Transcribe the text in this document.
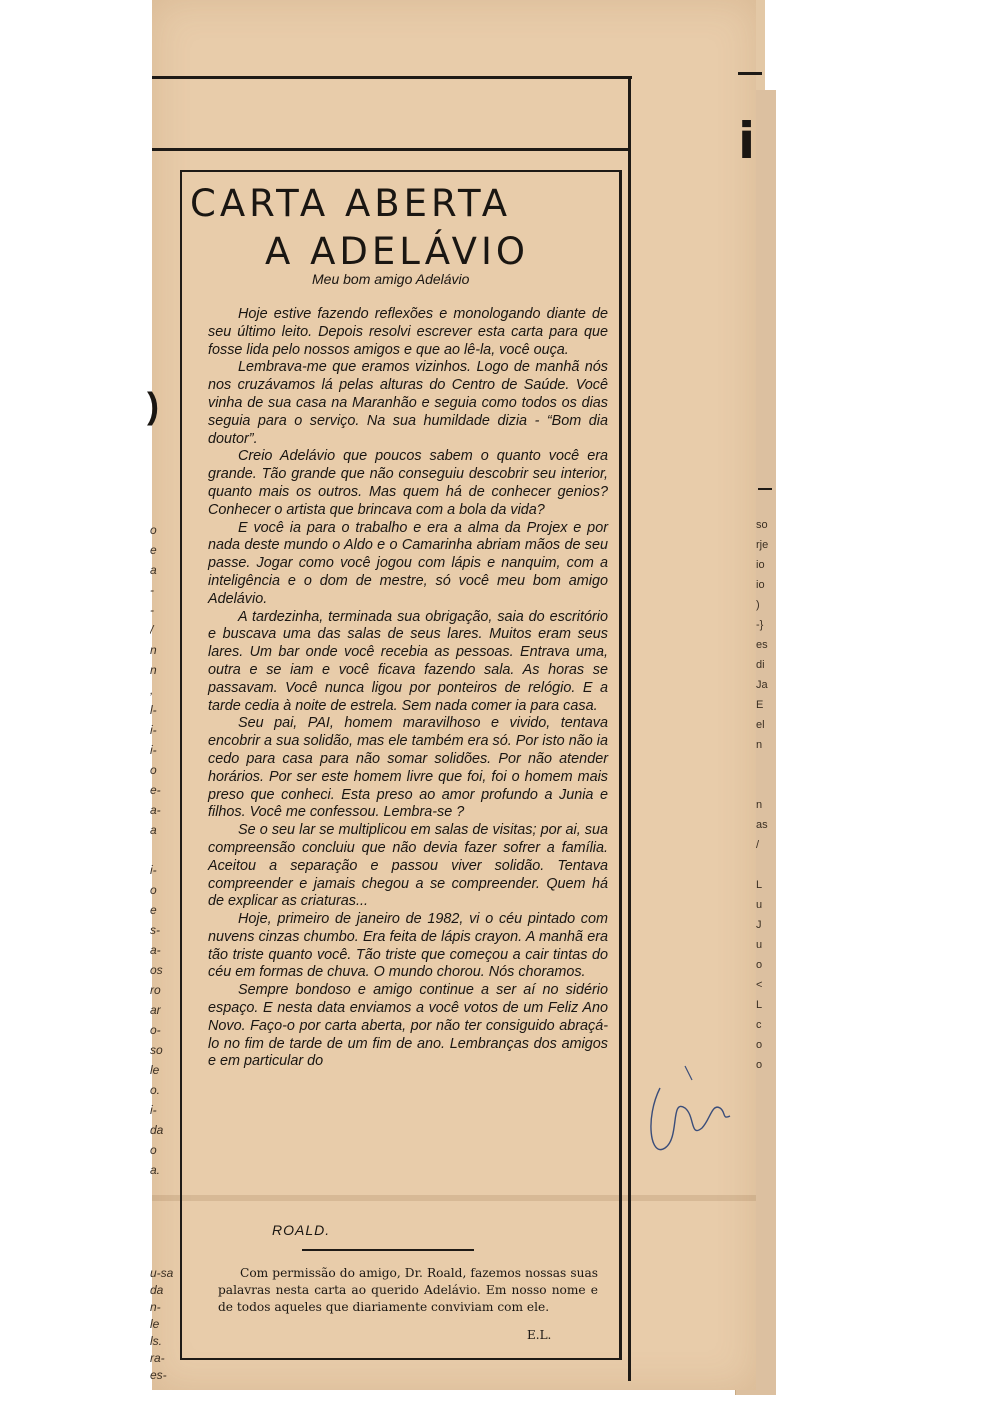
CARTA ABERTA
A ADELÁVIO
Meu bom amigo Adelávio

Hoje estive fazendo reflexões e monologando diante de seu último leito. Depois resolvi escrever esta carta para que fosse lida pelo nossos amigos e que ao lê-la, você ouça.

Lembrava-me que eramos vizinhos. Logo de manhã nós nos cruzávamos lá pelas alturas do Centro de Saúde. Você vinha de sua casa na Maranhão e seguia como todos os dias seguia para o serviço. Na sua humildade dizia - “Bom dia doutor”.

Creio Adelávio que poucos sabem o quanto você era grande. Tão grande que não conseguiu descobrir seu interior, quanto mais os outros. Mas quem há de conhecer genios? Conhecer o artista que brincava com a bola da vida?

E você ia para o trabalho e era a alma da Projex e por nada deste mundo o Aldo e o Camarinha abriam mãos de seu passe. Jogar como você jogou com lápis e nanquim, com a inteligência e o dom de mestre, só você meu bom amigo Adelávio.

A tardezinha, terminada sua obrigação, saia do escritório e buscava uma das salas de seus lares. Muitos eram seus lares. Um bar onde você recebia as pessoas. Entrava uma, outra e se iam e você ficava fazendo sala. As horas se passavam. Você nunca ligou por ponteiros de relógio. E a tarde cedia à noite de estrela. Sem nada comer ia para casa.

Seu pai, PAI, homem maravilhoso e vivido, tentava encobrir a sua solidão, mas ele também era só. Por isto não ia cedo para casa para não somar solidões. Por não atender horários. Por ser este homem livre que foi, foi o homem mais preso que conheci. Esta preso ao amor profundo a Junia e filhos. Você me confessou. Lembra-se ?

Se o seu lar se multiplicou em salas de visitas; por ai, sua compreensão concluiu que não devia fazer sofrer a família. Aceitou a separação e passou viver solidão. Tentava compreender e jamais chegou a se compreender. Quem há de explicar as criaturas...

Hoje, primeiro de janeiro de 1982, vi o céu pintado com nuvens cinzas chumbo. Era feita de lápis crayon. A manhã era tão triste quanto você. Tão triste que começou a cair tintas do céu em formas de chuva. O mundo chorou. Nós choramos.

Sempre bondoso e amigo continue a ser aí no sidério espaço. E nesta data enviamos a você votos de um Feliz Ano Novo. Faço-o por carta aberta, por não ter consiguido abraçá-lo no fim de tarde de um fim de ano. Lembranças dos amigos e em particular do

ROALD.

Com permissão do amigo, Dr. Roald, fazemos nossas suas palavras nesta carta ao querido Adelávio. Em nosso nome e de todos aqueles que diariamente conviviam com ele.

E.L.
)
i
o
e
a
-
-
/
n
n
,
l-
i-
i-
o
e-
a-
a
i-
o
e
s-
a-
os
ro
ar
o-
so
le
o.
i-
da
o
a.
u-sa
da
n-
le
ls.
ra-
es-
so
rje
io
io
)
-}
es
di
Ja
E
el
n
n
as
/
L
u
J
u
o
<
L
c
o
o
